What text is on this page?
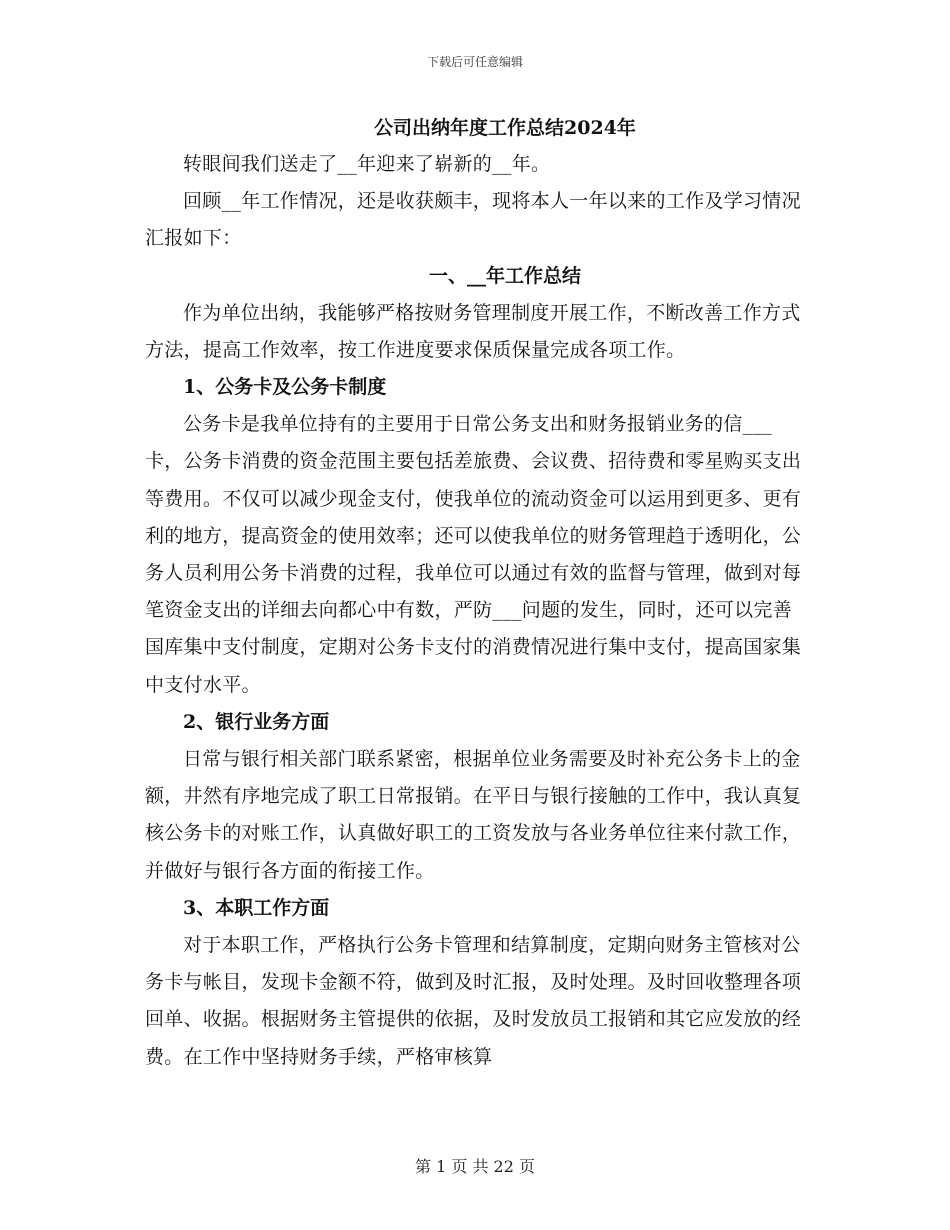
下载后可任意编辑

公司出纳年度工作总结2024年

转眼间我们送走了__年迎来了崭新的__年。

回顾__年工作情况，还是收获颇丰，现将本人一年以来的工作及学习情况汇报如下：

一、__年工作总结

作为单位出纳，我能够严格按财务管理制度开展工作，不断改善工作方式方法，提高工作效率，按工作进度要求保质保量完成各项工作。

1、公务卡及公务卡制度

公务卡是我单位持有的主要用于日常公务支出和财务报销业务的信___卡，公务卡消费的资金范围主要包括差旅费、会议费、招待费和零星购买支出等费用。不仅可以减少现金支付，使我单位的流动资金可以运用到更多、更有利的地方，提高资金的使用效率；还可以使我单位的财务管理趋于透明化，公务人员利用公务卡消费的过程，我单位可以通过有效的监督与管理，做到对每笔资金支出的详细去向都心中有数，严防___问题的发生，同时，还可以完善国库集中支付制度，定期对公务卡支付的消费情况进行集中支付，提高国家集中支付水平。

2、银行业务方面

日常与银行相关部门联系紧密，根据单位业务需要及时补充公务卡上的金额，井然有序地完成了职工日常报销。在平日与银行接触的工作中，我认真复核公务卡的对账工作，认真做好职工的工资发放与各业务单位往来付款工作，并做好与银行各方面的衔接工作。

3、本职工作方面

对于本职工作，严格执行公务卡管理和结算制度，定期向财务主管核对公务卡与帐目，发现卡金额不符，做到及时汇报，及时处理。及时回收整理各项回单、收据。根据财务主管提供的依据，及时发放员工报销和其它应发放的经费。在工作中坚持财务手续，严格审核算

第 1 页 共 22 页
